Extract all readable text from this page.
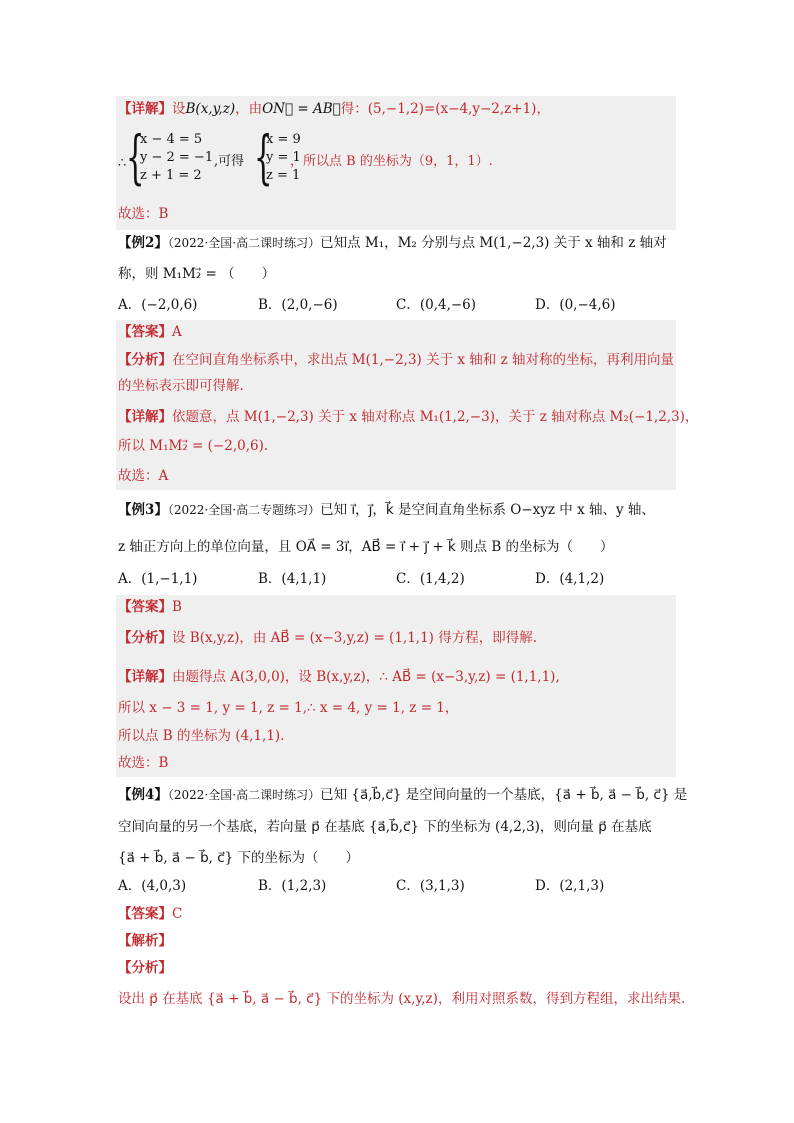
【详解】设B(x,y,z)，由ON⃗ = AB⃗得：(5,−1,2)=(x−4,y−2,z+1)，
∴ {
x − 4 = 5
y − 2 = −1
z + 1 = 2
,可得 {
x = 9
y = 1
z = 1
，所以点 B 的坐标为（9，1，1）.
故选：B
【例2】（2022·全国·高二课时练习）已知点 M₁，M₂ 分别与点 M(1,−2,3) 关于 x 轴和 z 轴对
称，则 M₁M₂⃗ = （　　）
A．(−2,0,6)	B．(2,0,−6)	C．(0,4,−6)	D．(0,−4,6)
【答案】A
【分析】在空间直角坐标系中，求出点 M(1,−2,3) 关于 x 轴和 z 轴对称的坐标，再利用向量
的坐标表示即可得解.
【详解】依题意，点 M(1,−2,3) 关于 x 轴对称点 M₁(1,2,−3)，关于 z 轴对称点 M₂(−1,2,3)，
所以 M₁M₂⃗ = (−2,0,6).
故选：A
【例3】（2022·全国·高二专题练习）已知 i⃗，j⃗，k⃗ 是空间直角坐标系 O−xyz 中 x 轴、y 轴、
z 轴正方向上的单位向量，且 OA⃗ = 3i⃗，AB⃗ = i⃗ + j⃗ + k⃗ 则点 B 的坐标为（　　）
A．(1,−1,1)	B．(4,1,1)	C．(1,4,2)	D．(4,1,2)
【答案】B
【分析】设 B(x,y,z)，由 AB⃗ = (x−3,y,z) = (1,1,1) 得方程，即得解.
【详解】由题得点 A(3,0,0)，设 B(x,y,z)，∴ AB⃗ = (x−3,y,z) = (1,1,1),
所以 x − 3 = 1, y = 1, z = 1,∴ x = 4, y = 1, z = 1，
所以点 B 的坐标为 (4,1,1).
故选：B
【例4】（2022·全国·高二课时练习）已知 {a⃗,b⃗,c⃗} 是空间向量的一个基底，{a⃗ + b⃗, a⃗ − b⃗, c⃗} 是
空间向量的另一个基底，若向量 p⃗ 在基底 {a⃗,b⃗,c⃗} 下的坐标为 (4,2,3)，则向量 p⃗ 在基底
{a⃗ + b⃗, a⃗ − b⃗, c⃗} 下的坐标为（　　）
A．(4,0,3)	B．(1,2,3)	C．(3,1,3)	D．(2,1,3)
【答案】C
【解析】
【分析】
设出 p⃗ 在基底 {a⃗ + b⃗, a⃗ − b⃗, c⃗} 下的坐标为 (x,y,z)，利用对照系数，得到方程组，求出结果.
